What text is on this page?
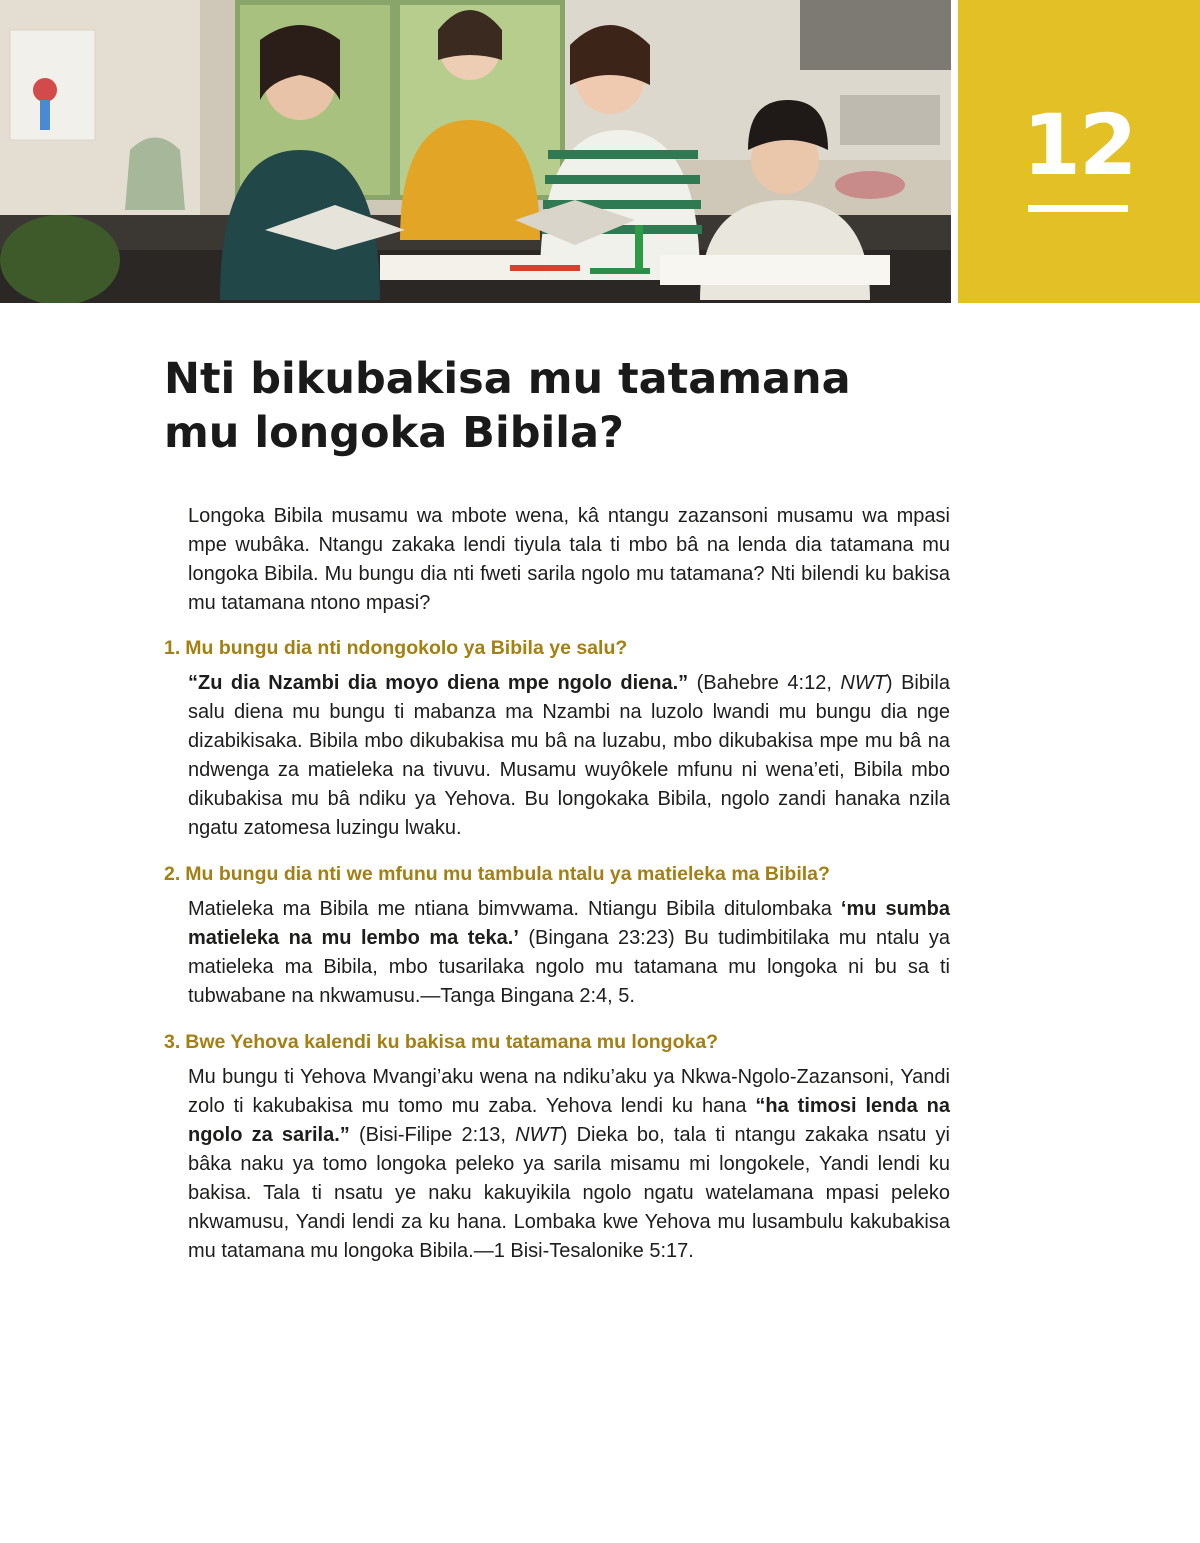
12
Nti bikubakisa mu tatamana
mu longoka Bibila?

Longoka Bibila musamu wa mbote wena, kâ ntangu zazansoni musamu wa mpasi mpe wubâka. Ntangu zakaka lendi tiyula tala ti mbo bâ na lenda dia tatamana mu longoka Bibila. Mu bungu dia nti fweti sarila ngolo mu tatamana? Nti bilendi ku bakisa mu tatamana ntono mpasi?

1. Mu bungu dia nti ndongokolo ya Bibila ye salu?

“Zu dia Nzambi dia moyo diena mpe ngolo diena.” (Bahebre 4:12, NWT) Bibila salu diena mu bungu ti mabanza ma Nzambi na luzolo lwandi mu bungu dia nge dizabikisaka. Bibila mbo dikubakisa mu bâ na luzabu, mbo dikubakisa mpe mu bâ na ndwenga za matieleka na tivuvu. Musamu wuyôkele mfunu ni wena’eti, Bibila mbo dikubakisa mu bâ ndiku ya Yehova. Bu longokaka Bibila, ngolo zandi hanaka nzila ngatu zatomesa luzingu lwaku.

2. Mu bungu dia nti we mfunu mu tambula ntalu ya matieleka ma Bibila?

Matieleka ma Bibila me ntiana bimvwama. Ntiangu Bibila ditulombaka ‘mu sumba matieleka na mu lembo ma teka.’ (Bingana 23:23) Bu tudimbitilaka mu ntalu ya matieleka ma Bibila, mbo tusarilaka ngolo mu tatamana mu longoka ni bu sa ti tubwabane na nkwamusu.—Tanga Bingana 2:4, 5.

3. Bwe Yehova kalendi ku bakisa mu tatamana mu longoka?

Mu bungu ti Yehova Mvangi’aku wena na ndiku’aku ya Nkwa-Ngolo-Zazansoni, Yandi zolo ti kakubakisa mu tomo mu zaba. Yehova lendi ku hana “ha timosi lenda na ngolo za sarila.” (Bisi-Filipe 2:13, NWT) Dieka bo, tala ti ntangu zakaka nsatu yi bâka naku ya tomo longoka peleko ya sarila misamu mi longokele, Yandi lendi ku bakisa. Tala ti nsatu ye naku kakuyikila ngolo ngatu watelamana mpasi peleko nkwamusu, Yandi lendi za ku hana. Lombaka kwe Yehova mu lusambulu kakubakisa mu tatamana mu longoka Bibila.—1 Bisi-Tesalonike 5:17.
